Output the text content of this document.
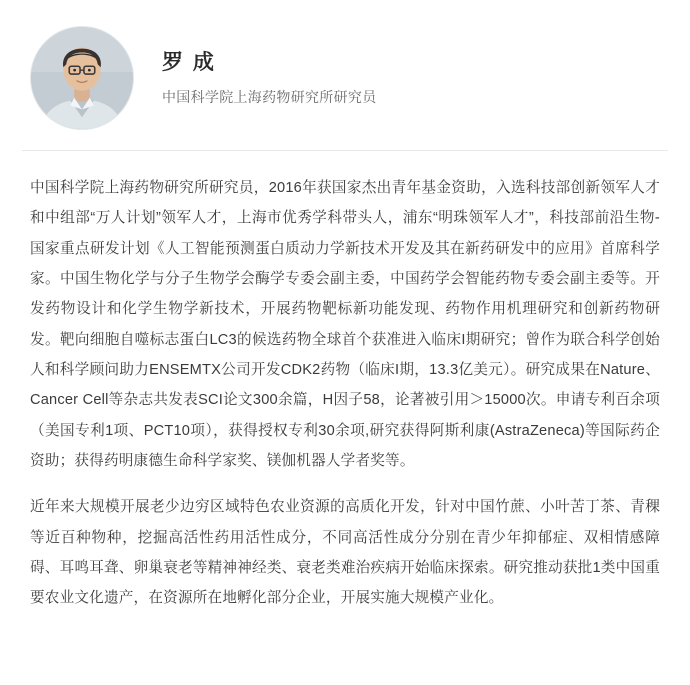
罗 成
中国科学院上海药物研究所研究员

中国科学院上海药物研究所研究员，2016年获国家杰出青年基金资助，入选科技部创新领军人才和中组部“万人计划”领军人才，上海市优秀学科带头人，浦东“明珠领军人才”，科技部前沿生物-国家重点研发计划《人工智能预测蛋白质动力学新技术开发及其在新药研发中的应用》首席科学家。中国生物化学与分子生物学会酶学专委会副主委，中国药学会智能药物专委会副主委等。开发药物设计和化学生物学新技术，开展药物靶标新功能发现、药物作用机理研究和创新药物研发。靶向细胞自噬标志蛋白LC3的候选药物全球首个获准进入临床I期研究；曾作为联合科学创始人和科学顾问助力ENSEMTX公司开发CDK2药物（临床I期，13.3亿美元）。研究成果在Nature、Cancer Cell等杂志共发表SCI论文300余篇，H因子58，论著被引用＞15000次。申请专利百余项（美国专利1项、PCT10项），获得授权专利30余项,研究获得阿斯利康(AstraZeneca)等国际药企资助；获得药明康德生命科学家奖、镁伽机器人学者奖等。

近年来大规模开展老少边穷区域特色农业资源的高质化开发，针对中国竹蔗、小叶苦丁茶、青稞等近百种物种，挖掘高活性药用活性成分，不同高活性成分分别在青少年抑郁症、双相情感障碍、耳鸣耳聋、卵巢衰老等精神神经类、衰老类难治疾病开始临床探索。研究推动获批1类中国重要农业文化遗产，在资源所在地孵化部分企业，开展实施大规模产业化。
